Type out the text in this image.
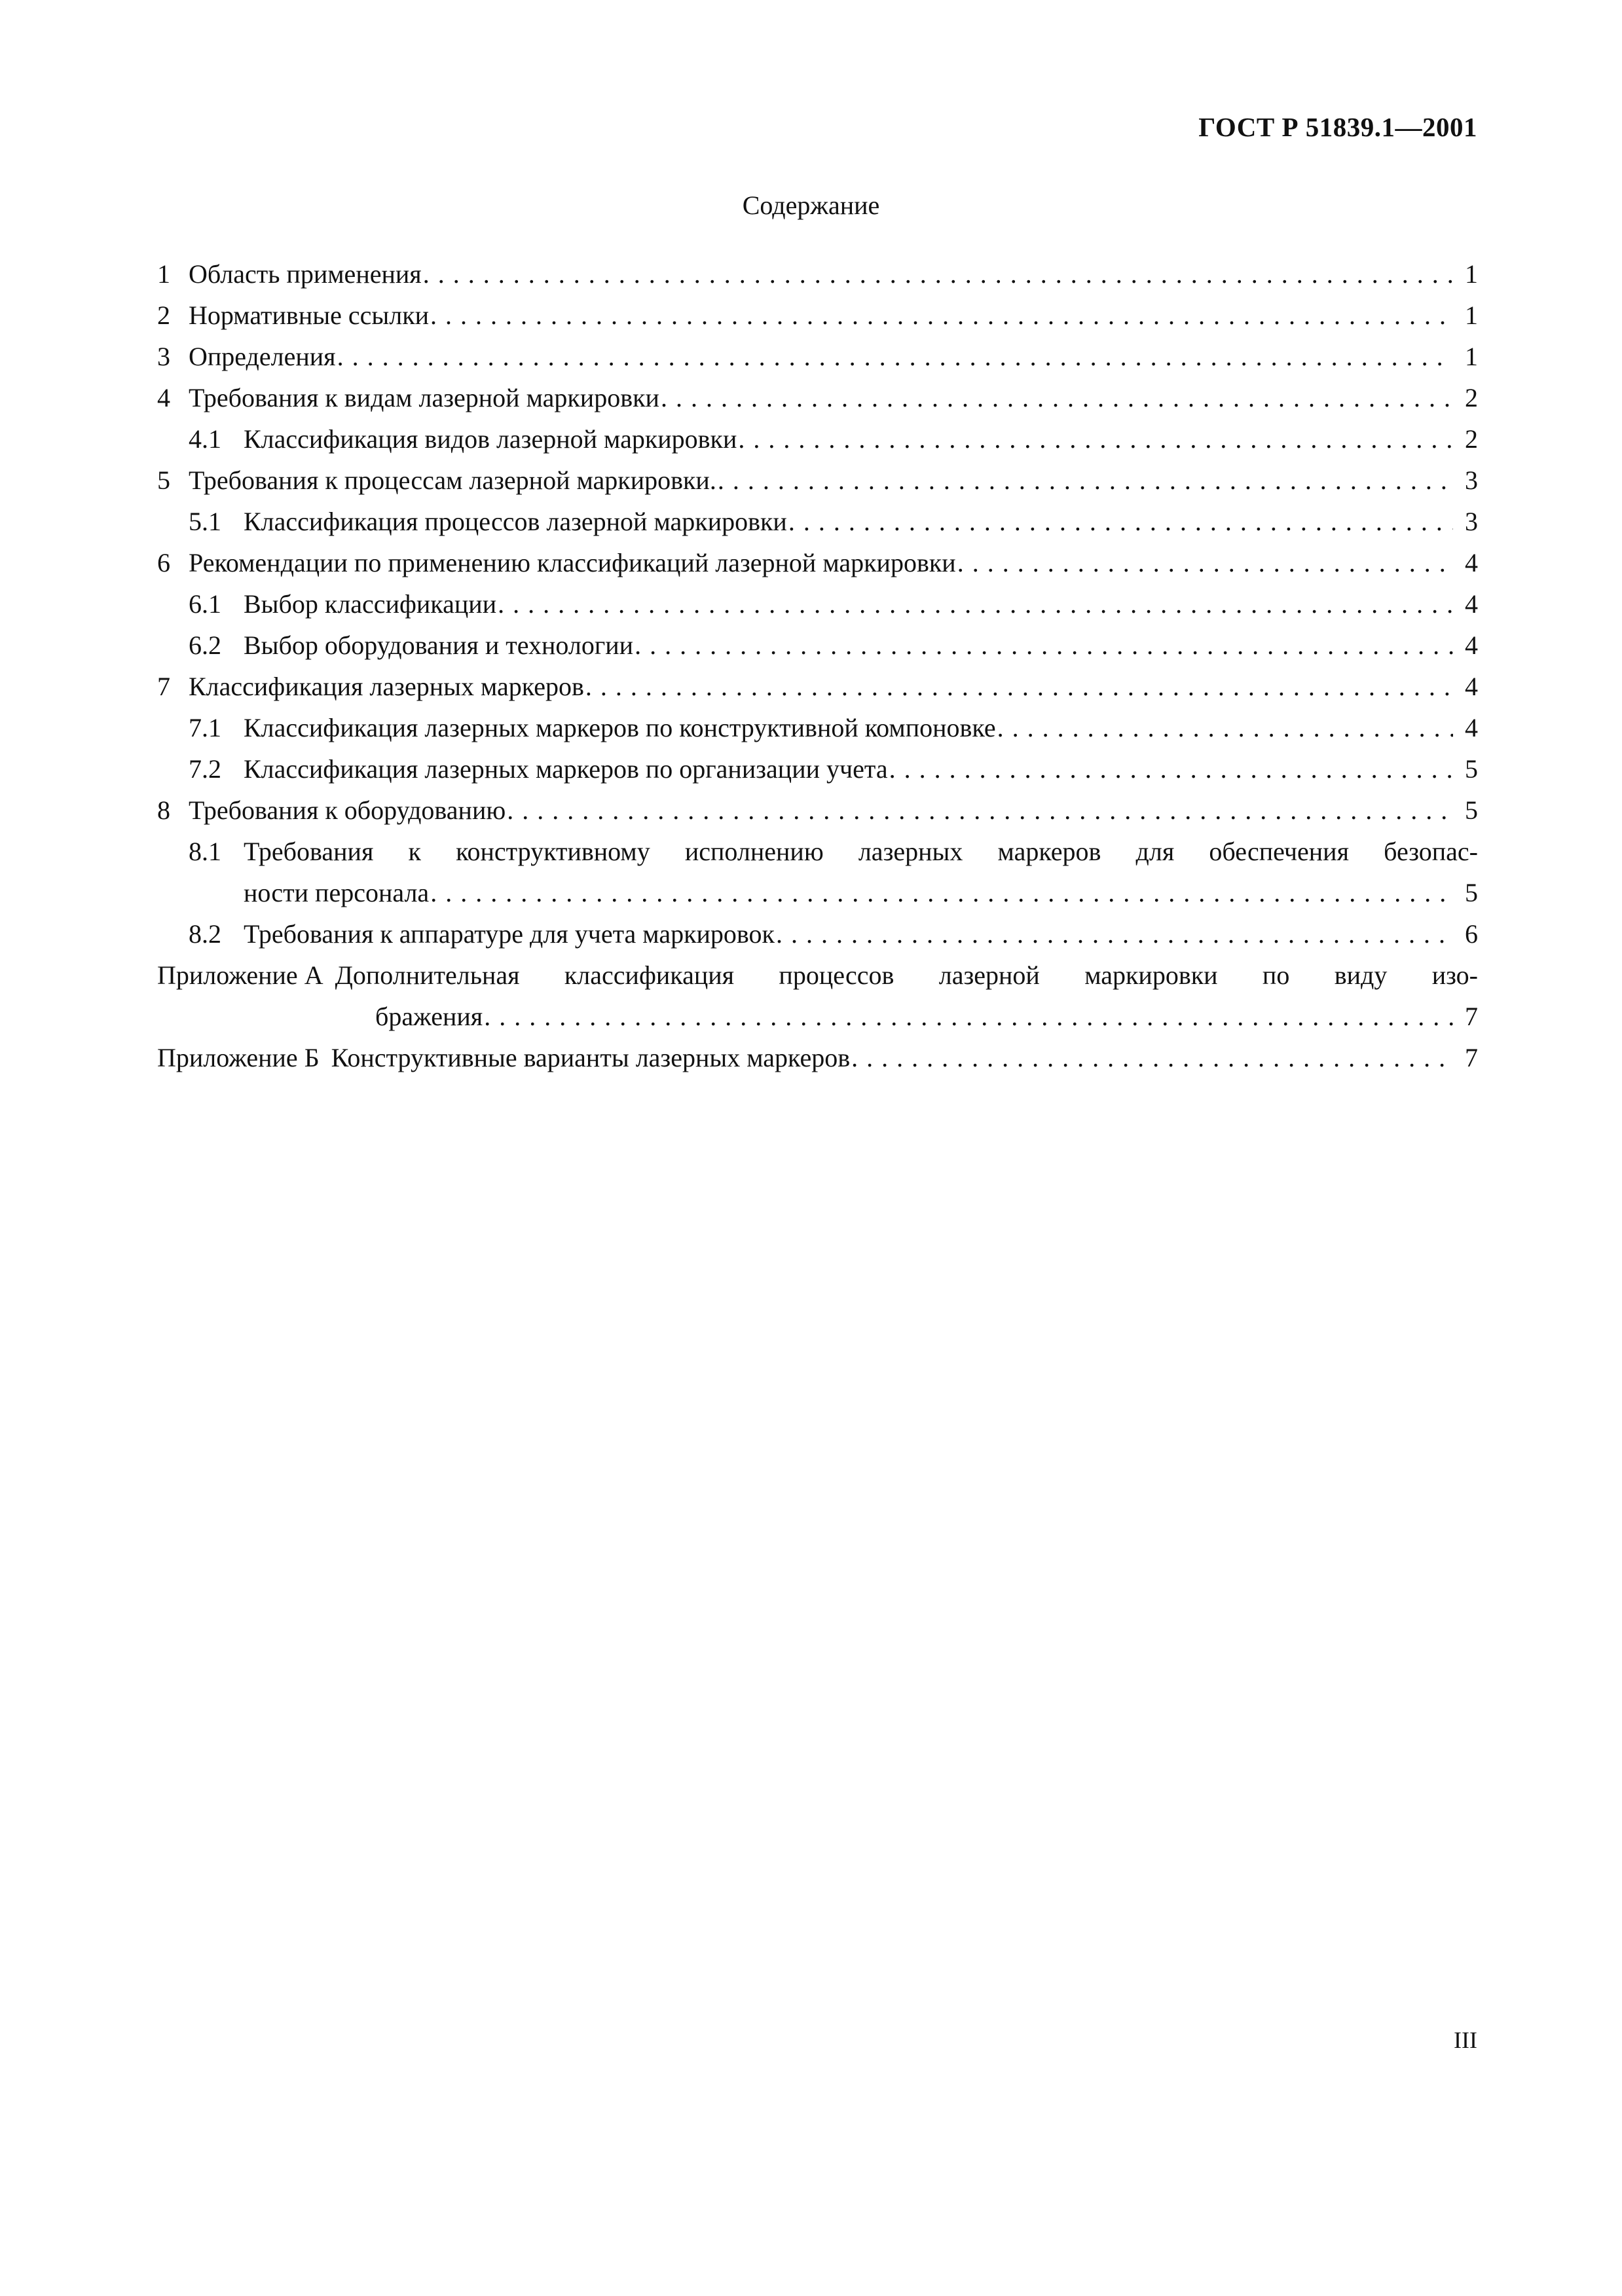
ГОСТ Р 51839.1—2001
Содержание
1 Область применения . . .	1
2 Нормативные ссылки . . .	1
3 Определения . . .	1
4 Требования к видам лазерной маркировки . . .	2
4.1 Классификация видов лазерной маркировки . . .	2
5 Требования к процессам лазерной маркировки. . . .	3
5.1 Классификация процессов лазерной маркировки . . .	3
6 Рекомендации по применению классификаций лазерной маркировки . . .	4
6.1 Выбор классификации . . .	4
6.2 Выбор оборудования и технологии . . .	4
7 Классификация лазерных маркеров . . .	4
7.1 Классификация лазерных маркеров по конструктивной компоновке . . .	4
7.2 Классификация лазерных маркеров по организации учета . . .	5
8 Требования к оборудованию . . .	5
8.1 Требования к конструктивному исполнению лазерных маркеров для обеспечения безопас-
ности персонала . . .	5
8.2 Требования к аппаратуре для учета маркировок . . .	6
Приложение А Дополнительная классификация процессов лазерной маркировки по виду изо-
бражения . . .	7
Приложение Б Конструктивные варианты лазерных маркеров . . .	7
III
